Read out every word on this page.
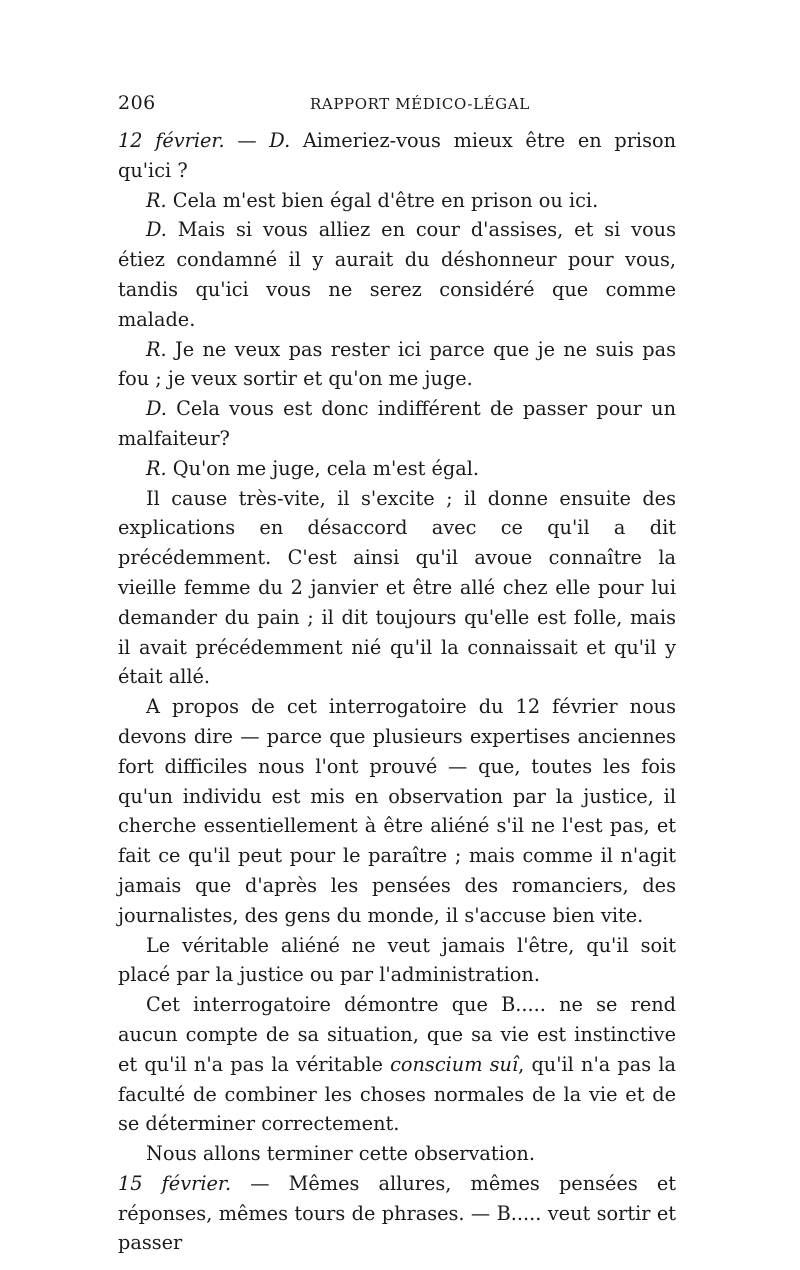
206	RAPPORT MÉDICO-LÉGAL

12 février. — D. Aimeriez-vous mieux être en prison qu'ici ?

R. Cela m'est bien égal d'être en prison ou ici.

D. Mais si vous alliez en cour d'assises, et si vous étiez condamné il y aurait du déshonneur pour vous, tandis qu'ici vous ne serez considéré que comme malade.

R. Je ne veux pas rester ici parce que je ne suis pas fou ; je veux sortir et qu'on me juge.

D. Cela vous est donc indifférent de passer pour un malfaiteur?

R. Qu'on me juge, cela m'est égal.

Il cause très-vite, il s'excite ; il donne ensuite des explications en désaccord avec ce qu'il a dit précédemment. C'est ainsi qu'il avoue connaître la vieille femme du 2 janvier et être allé chez elle pour lui demander du pain ; il dit toujours qu'elle est folle, mais il avait précédemment nié qu'il la connaissait et qu'il y était allé.

A propos de cet interrogatoire du 12 février nous devons dire — parce que plusieurs expertises anciennes fort difficiles nous l'ont prouvé — que, toutes les fois qu'un individu est mis en observation par la justice, il cherche essentiellement à être aliéné s'il ne l'est pas, et fait ce qu'il peut pour le paraître ; mais comme il n'agit jamais que d'après les pensées des romanciers, des journalistes, des gens du monde, il s'accuse bien vite.

Le véritable aliéné ne veut jamais l'être, qu'il soit placé par la justice ou par l'administration.

Cet interrogatoire démontre que B..... ne se rend aucun compte de sa situation, que sa vie est instinctive et qu'il n'a pas la véritable conscium suî, qu'il n'a pas la faculté de combiner les choses normales de la vie et de se déterminer correctement.

Nous allons terminer cette observation.

15 février. — Mêmes allures, mêmes pensées et réponses, mêmes tours de phrases. — B..... veut sortir et passer
